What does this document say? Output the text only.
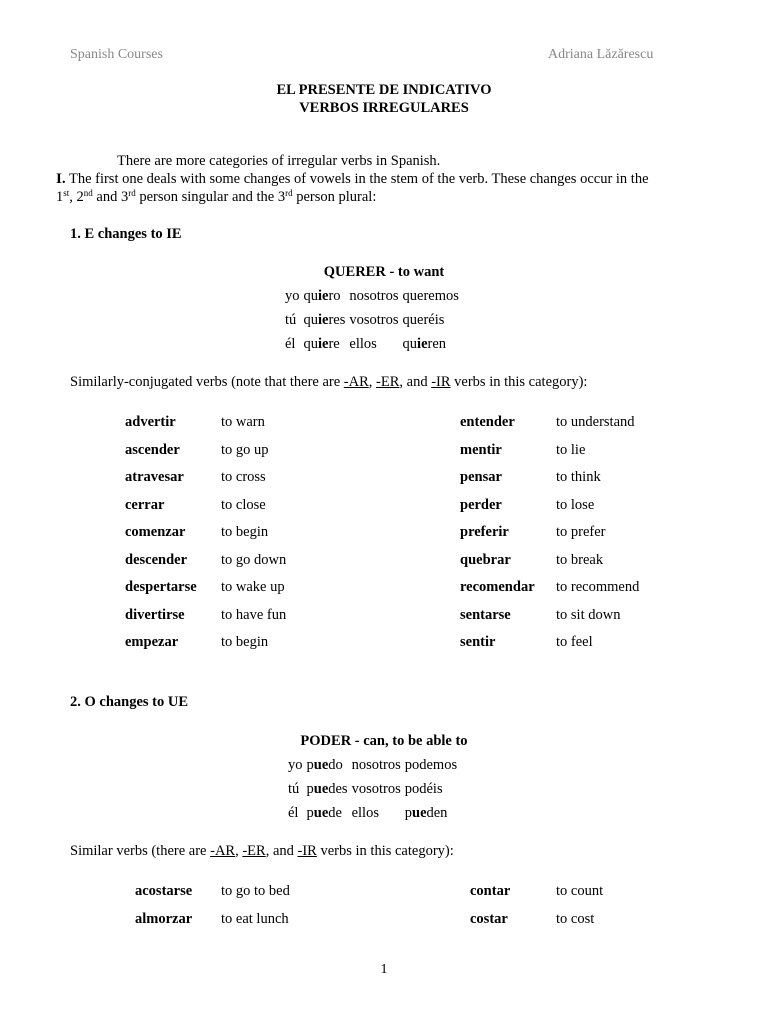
Spanish Courses	Adriana Lăzărescu
EL PRESENTE DE INDICATIVO
VERBOS IRREGULARES
There are more categories of irregular verbs in Spanish.
I. The first one deals with some changes of vowels in the stem of the verb. These changes occur in the
1st, 2nd and 3rd person singular and the 3rd person plural:
1. E changes to IE
QUERER - to want
yo	quiero	nosotros	queremos
tú	quieres	vosotros	queréis
él	quiere	ellos	quieren
Similarly-conjugated verbs (note that there are -AR, -ER, and -IR verbs in this category):
advertir	to warn	entender	to understand
ascender	to go up	mentir	to lie
atravesar	to cross	pensar	to think
cerrar	to close	perder	to lose
comenzar	to begin	preferir	to prefer
descender	to go down	quebrar	to break
despertarse	to wake up	recomendar	to recommend
divertirse	to have fun	sentarse	to sit down
empezar	to begin	sentir	to feel
2. O changes to UE
PODER - can, to be able to
yo	puedo	nosotros	podemos
tú	puedes	vosotros	podéis
él	puede	ellos	pueden
Similar verbs (there are -AR, -ER, and -IR verbs in this category):
acostarse	to go to bed	contar	to count
almorzar	to eat lunch	costar	to cost
1
